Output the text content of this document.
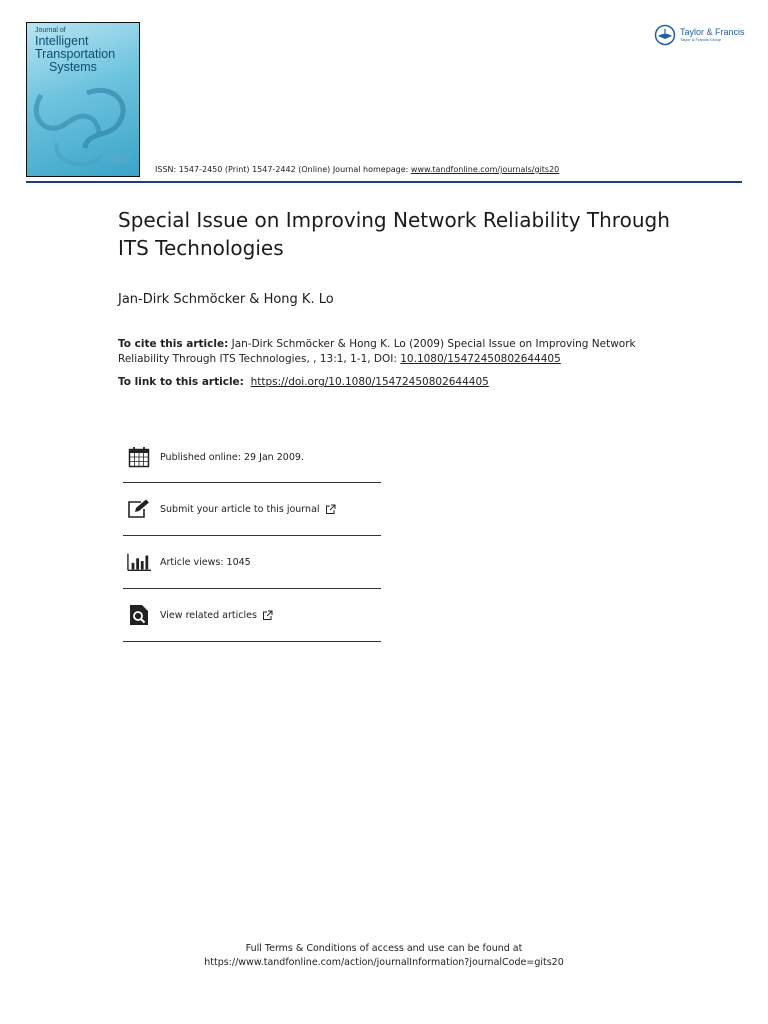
Journal of
Intelligent
Transportation
Systems
Taylor & Francis
Taylor & Francis Group
ISSN: 1547-2450 (Print) 1547-2442 (Online) Journal homepage: www.tandfonline.com/journals/gits20
Special Issue on Improving Network Reliability Through ITS Technologies
Jan-Dirk Schmöcker & Hong K. Lo
To cite this article: Jan-Dirk Schmöcker & Hong K. Lo (2009) Special Issue on Improving Network Reliability Through ITS Technologies, , 13:1, 1-1, DOI: 10.1080/15472450802644405
To link to this article: https://doi.org/10.1080/15472450802644405
Published online: 29 Jan 2009.
Submit your article to this journal
Article views: 1045
View related articles
Full Terms & Conditions of access and use can be found at
https://www.tandfonline.com/action/journalInformation?journalCode=gits20
